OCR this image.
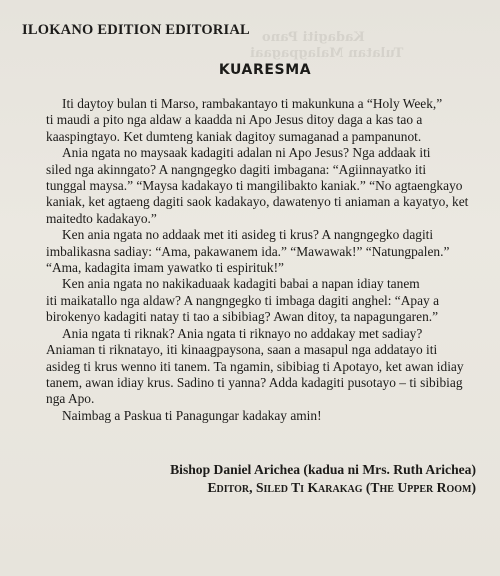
Kadagiti Pano
Tulatan Malagpagaai
ILOKANO EDITION EDITORIAL
KUARESMA

Iti daytoy bulan ti Marso, rambakantayo ti makunkuna a “Holy Week,”
ti maudi a pito nga aldaw a kaadda ni Apo Jesus ditoy daga a kas tao a
kaaspingtayo. Ket dumteng kaniak dagitoy sumaganad a pampanunot.

Ania ngata no maysaak kadagiti adalan ni Apo Jesus? Nga addaak iti
siled nga akinngato? A nangngegko dagiti imbagana: “Agiinnayatko iti
tunggal maysa.” “Maysa kadakayo ti mangilibakto kaniak.” “No agtaengkayo
kaniak, ket agtaeng dagiti saok kadakayo, dawatenyo ti aniaman a kayatyo, ket
maitedto kadakayo.”

Ken ania ngata no addaak met iti asideg ti krus? A nangngegko dagiti
imbalikasna sadiay: “Ama, pakawanem ida.” “Mawawak!” “Natungpalen.”
“Ama, kadagita imam yawatko ti espirituk!”

Ken ania ngata no nakikaduaak kadagiti babai a napan idiay tanem
iti maikatallo nga aldaw? A nangngegko ti imbaga dagiti anghel: “Apay a
birokenyo kadagiti natay ti tao a sibibiag? Awan ditoy, ta napagungaren.”

Ania ngata ti riknak? Ania ngata ti riknayo no addakay met sadiay?
Aniaman ti riknatayo, iti kinaagpaysona, saan a masapul nga addatayo iti
asideg ti krus wenno iti tanem. Ta ngamin, sibibiag ti Apotayo, ket awan idiay
tanem, awan idiay krus. Sadino ti yanna? Adda kadagiti pusotayo – ti sibibiag
nga Apo.

Naimbag a Paskua ti Panagungar kadakay amin!

Bishop Daniel Arichea (kadua ni Mrs. Ruth Arichea)
Editor, Siled Ti Karakag (The Upper Room)
